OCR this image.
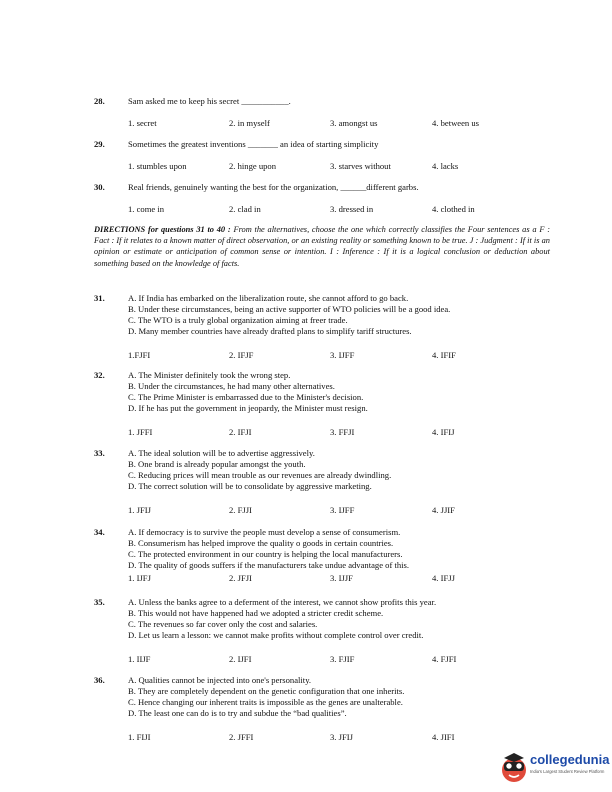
28.	Sam asked me to keep his secret ___________.
1. secret	2. in myself	3. amongst us	4. between us
29.	Sometimes the greatest inventions _______ an idea of starting simplicity
1. stumbles upon	2. hinge upon	3. starves without	4. lacks
30.	Real friends, genuinely wanting the best for the organization, ______different garbs.
1. come in	2. clad in	3. dressed in	4. clothed in
DIRECTIONS for questions 31 to 40 : From the alternatives, choose the one which correctly classifies the Four sentences as a F : Fact : If it relates to a known matter of direct observation, or an existing reality or something known to be true. J : Judgment : If it is an opinion or estimate or anticipation of common sense or intention. I : Inference : If it is a logical conclusion or deduction about something based on the knowledge of facts.
31.	A. If India has embarked on the liberalization route, she cannot afford to go back.
B. Under these circumstances, being an active supporter of WTO policies will be a good idea.
C. The WTO is a truly global organization aiming at freer trade.
D. Many member countries have already drafted plans to simplify tariff structures.
1.FJFI	2. IFJF	3. IJFF	4. IFIF
32.	A. The Minister definitely took the wrong step.
B. Under the circumstances, he had many other alternatives.
C. The Prime Minister is embarrassed due to the Minister's decision.
D. If he has put the government in jeopardy, the Minister must resign.
1. JFFI	2. IFJI	3. FFJI	4. IFIJ
33.	A. The ideal solution will be to advertise aggressively.
B. One brand is already popular amongst the youth.
C. Reducing prices will mean trouble as our revenues are already dwindling.
D. The correct solution will be to consolidate by aggressive marketing.
1. JFIJ	2. FJJI	3. IJFF	4. JJIF
34.	A. If democracy is to survive the people must develop a sense of consumerism.
B. Consumerism has helped improve the quality o goods in certain countries.
C. The protected environment in our country is helping the local manufacturers.
D. The quality of goods suffers if the manufacturers take undue advantage of this.
1. IJFJ	2. JFJI	3. IJJF	4. IFJJ
35.	A. Unless the banks agree to a deferment of the interest, we cannot show profits this year.
B. This would not have happened had we adopted a stricter credit scheme.
C. The revenues so far cover only the cost and salaries.
D. Let us learn a lesson: we cannot make profits without complete control over credit.
1. IIJF	2. IJFI	3. FJIF	4. FJFI
36.	A. Qualities cannot be injected into one's personality.
B. They are completely dependent on the genetic configuration that one inherits.
C. Hence changing our inherent traits is impossible as the genes are unalterable.
D. The least one can do is to try and subdue the “bad qualities”.
1. FIJI	2. JFFI	3. JFIJ	4. JIFI
collegedunia
India's Largest Student Review Platform
